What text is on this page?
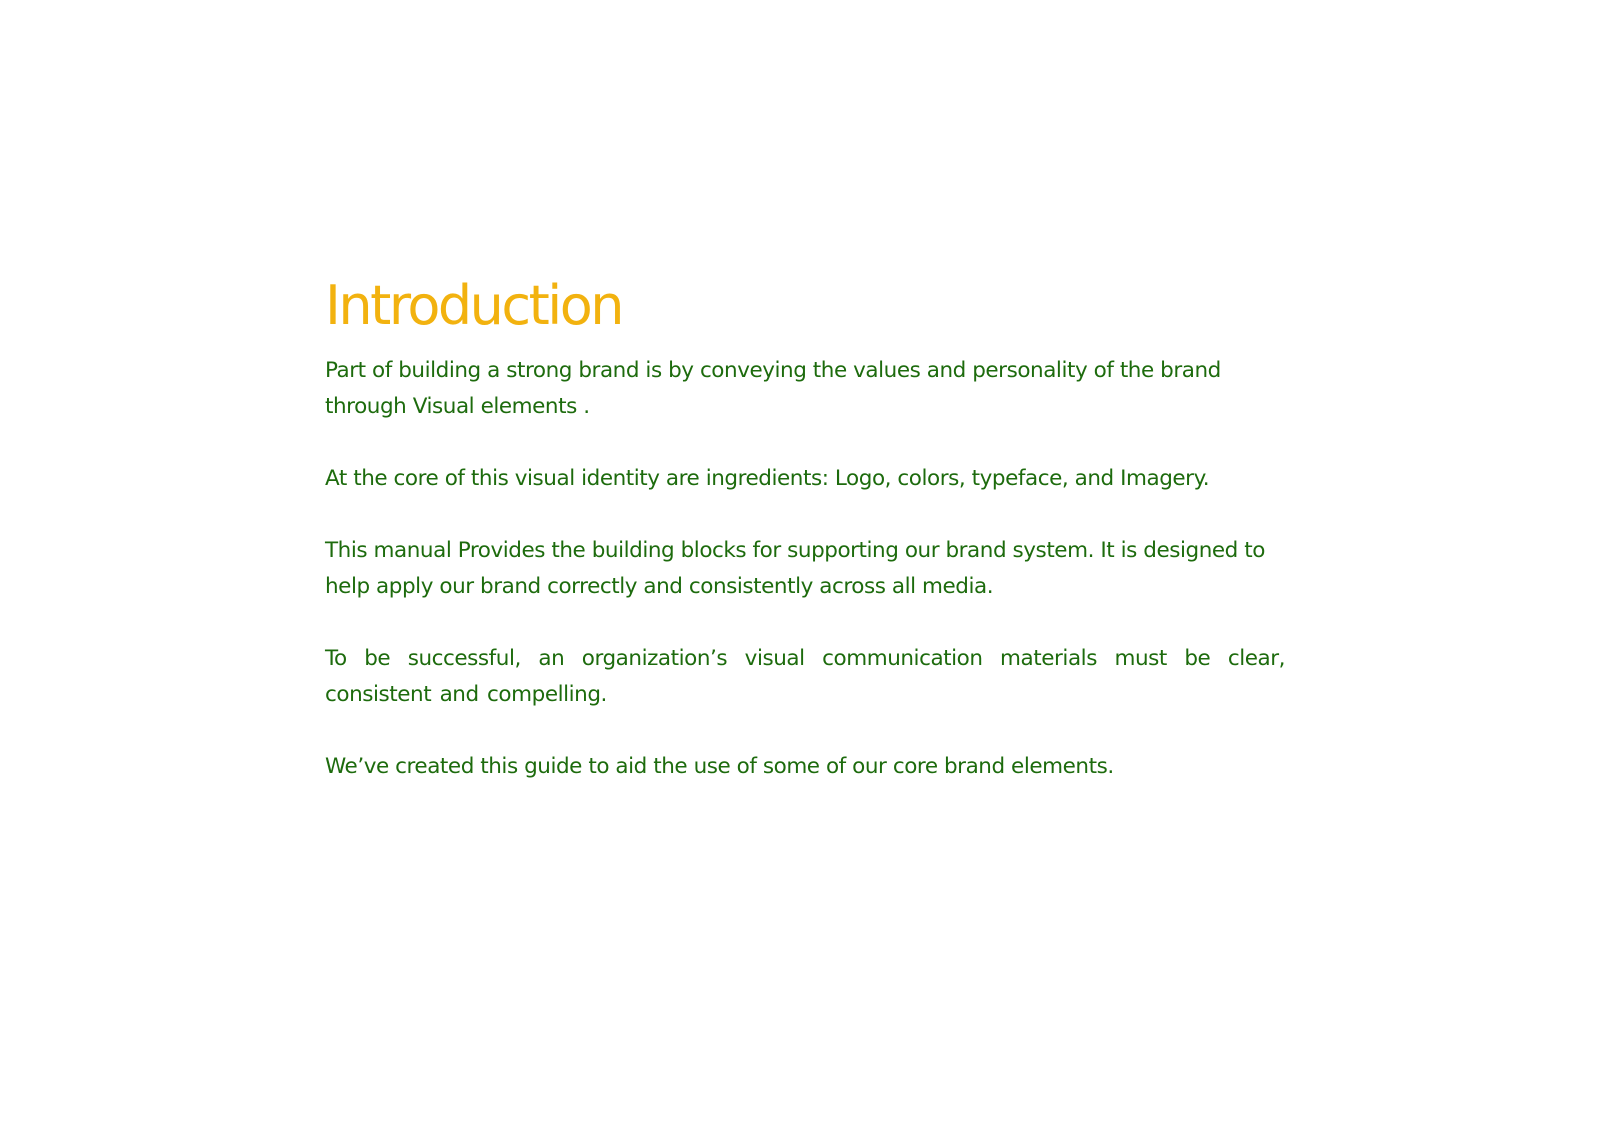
Introduction

Part of building a strong brand is by conveying the values and personality of the brand through Visual elements .

At the core of this visual identity are ingredients: Logo, colors, typeface, and Imagery.

This manual Provides the building blocks for supporting our brand system. It is designed to help apply our brand correctly and consistently across all media.

To be successful, an organization’s visual communication materials must be clear, consistent and compelling.

We’ve created this guide to aid the use of some of our core brand elements.
